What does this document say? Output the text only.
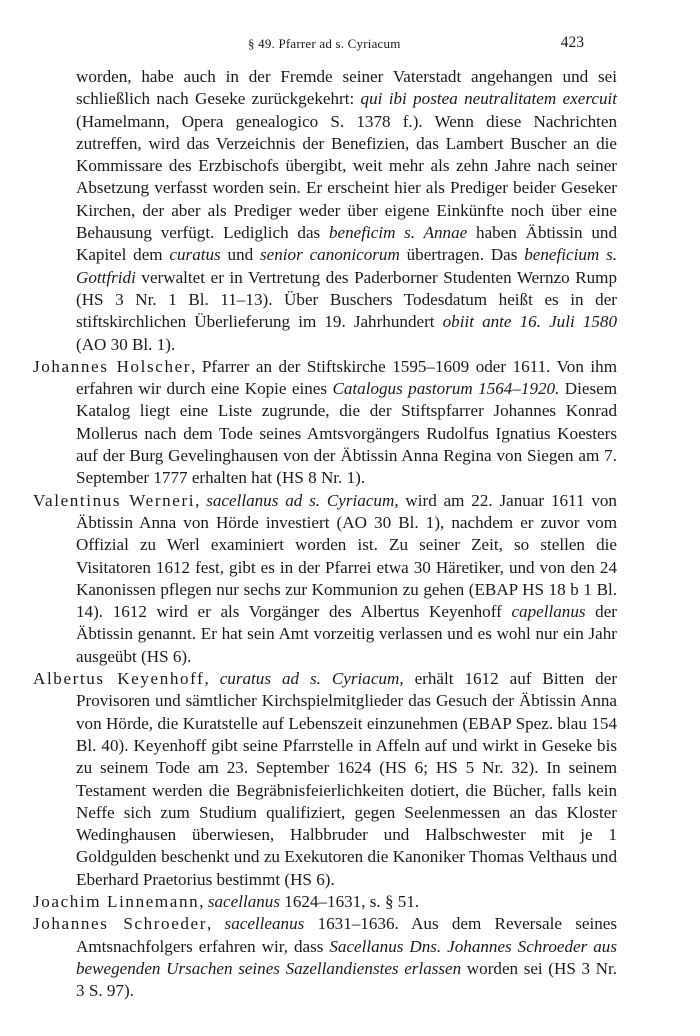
§ 49. Pfarrer ad s. Cyriacum	423

worden, habe auch in der Fremde seiner Vaterstadt angehangen und sei schließlich nach Geseke zurückgekehrt: qui ibi postea neutralitatem exercuit (Hamelmann, Opera genealogico S. 1378 f.). Wenn diese Nachrichten zutreffen, wird das Verzeichnis der Benefizien, das Lambert Buscher an die Kommissare des Erzbischofs übergibt, weit mehr als zehn Jahre nach seiner Absetzung verfasst worden sein. Er erscheint hier als Prediger beider Geseker Kirchen, der aber als Prediger weder über eigene Einkünfte noch über eine Behausung verfügt. Lediglich das beneficim s. Annae haben Äbtissin und Kapitel dem curatus und senior canonicorum übertragen. Das beneficium s. Gottfridi verwaltet er in Vertretung des Paderborner Studenten Wernzo Rump (HS 3 Nr. 1 Bl. 11–13). Über Buschers Todesdatum heißt es in der stiftskirchlichen Überlieferung im 19. Jahrhundert obiit ante 16. Juli 1580 (AO 30 Bl. 1).

Johannes Holscher, Pfarrer an der Stiftskirche 1595–1609 oder 1611. Von ihm erfahren wir durch eine Kopie eines Catalogus pastorum 1564–1920. Diesem Katalog liegt eine Liste zugrunde, die der Stiftspfarrer Johannes Konrad Mollerus nach dem Tode seines Amtsvorgängers Rudolfus Ignatius Koesters auf der Burg Gevelinghausen von der Äbtissin Anna Regina von Siegen am 7. September 1777 erhalten hat (HS 8 Nr. 1).

Valentinus Werneri, sacellanus ad s. Cyriacum, wird am 22. Januar 1611 von Äbtissin Anna von Hörde investiert (AO 30 Bl. 1), nachdem er zuvor vom Offizial zu Werl examiniert worden ist. Zu seiner Zeit, so stellen die Visitatoren 1612 fest, gibt es in der Pfarrei etwa 30 Häretiker, und von den 24 Kanonissen pflegen nur sechs zur Kommunion zu gehen (EBAP HS 18 b 1 Bl. 14). 1612 wird er als Vorgänger des Albertus Keyenhoff capellanus der Äbtissin genannt. Er hat sein Amt vorzeitig verlassen und es wohl nur ein Jahr ausgeübt (HS 6).

Albertus Keyenhoff, curatus ad s. Cyriacum, erhält 1612 auf Bitten der Provisoren und sämtlicher Kirchspielmitglieder das Gesuch der Äbtissin Anna von Hörde, die Kuratstelle auf Lebenszeit einzunehmen (EBAP Spez. blau 154 Bl. 40). Keyenhoff gibt seine Pfarrstelle in Affeln auf und wirkt in Geseke bis zu seinem Tode am 23. September 1624 (HS 6; HS 5 Nr. 32). In seinem Testament werden die Begräbnisfeierlichkeiten dotiert, die Bücher, falls kein Neffe sich zum Studium qualifiziert, gegen Seelenmessen an das Kloster Wedinghausen überwiesen, Halbbruder und Halbschwester mit je 1 Goldgulden beschenkt und zu Exekutoren die Kanoniker Thomas Velthaus und Eberhard Praetorius bestimmt (HS 6).

Joachim Linnemann, sacellanus 1624–1631, s. § 51.

Johannes Schroeder, sacelleanus 1631–1636. Aus dem Reversale seines Amtsnachfolgers erfahren wir, dass Sacellanus Dns. Johannes Schroeder aus bewegenden Ursachen seines Sazellandienstes erlassen worden sei (HS 3 Nr. 3 S. 97).
